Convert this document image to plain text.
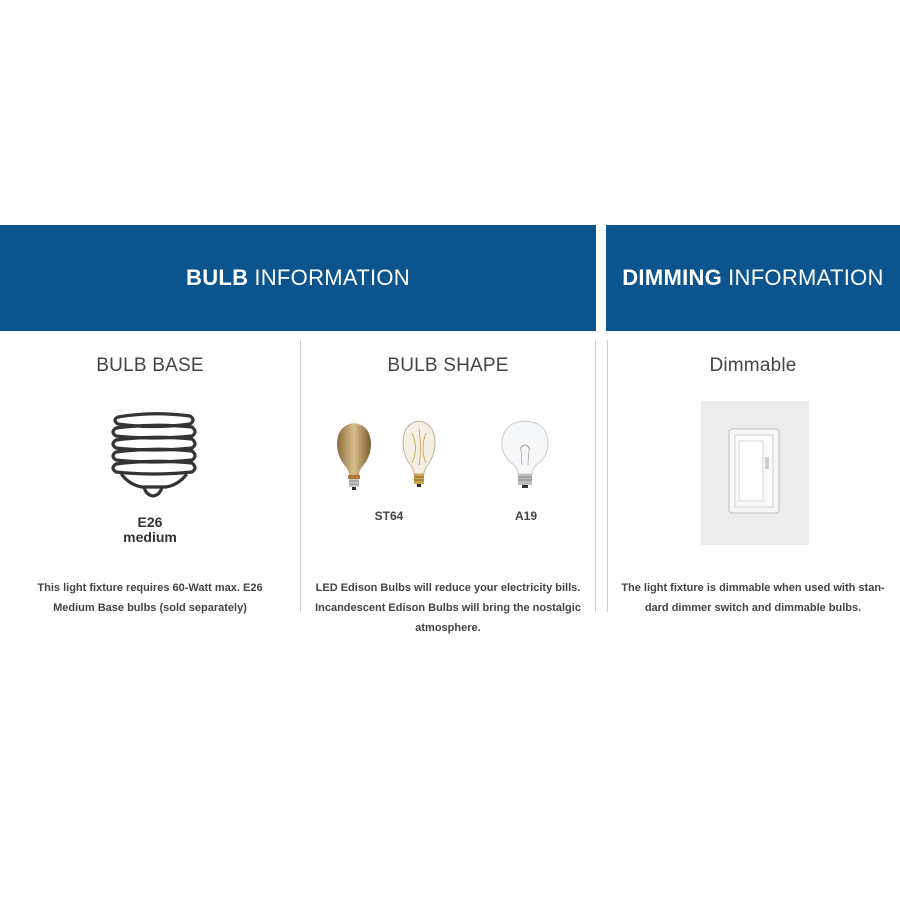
BULB INFORMATION	DIMMING INFORMATION
BULB BASE
E26
medium
This light fixture requires 60-Watt max. E26 Medium Base bulbs (sold separately)
BULB SHAPE
ST64	A19
LED Edison Bulbs will reduce your electricity bills. Incandescent Edison Bulbs will bring the nostalgic atmosphere.
Dimmable
The light fixture is dimmable when used with stan-dard dimmer switch and dimmable bulbs.
